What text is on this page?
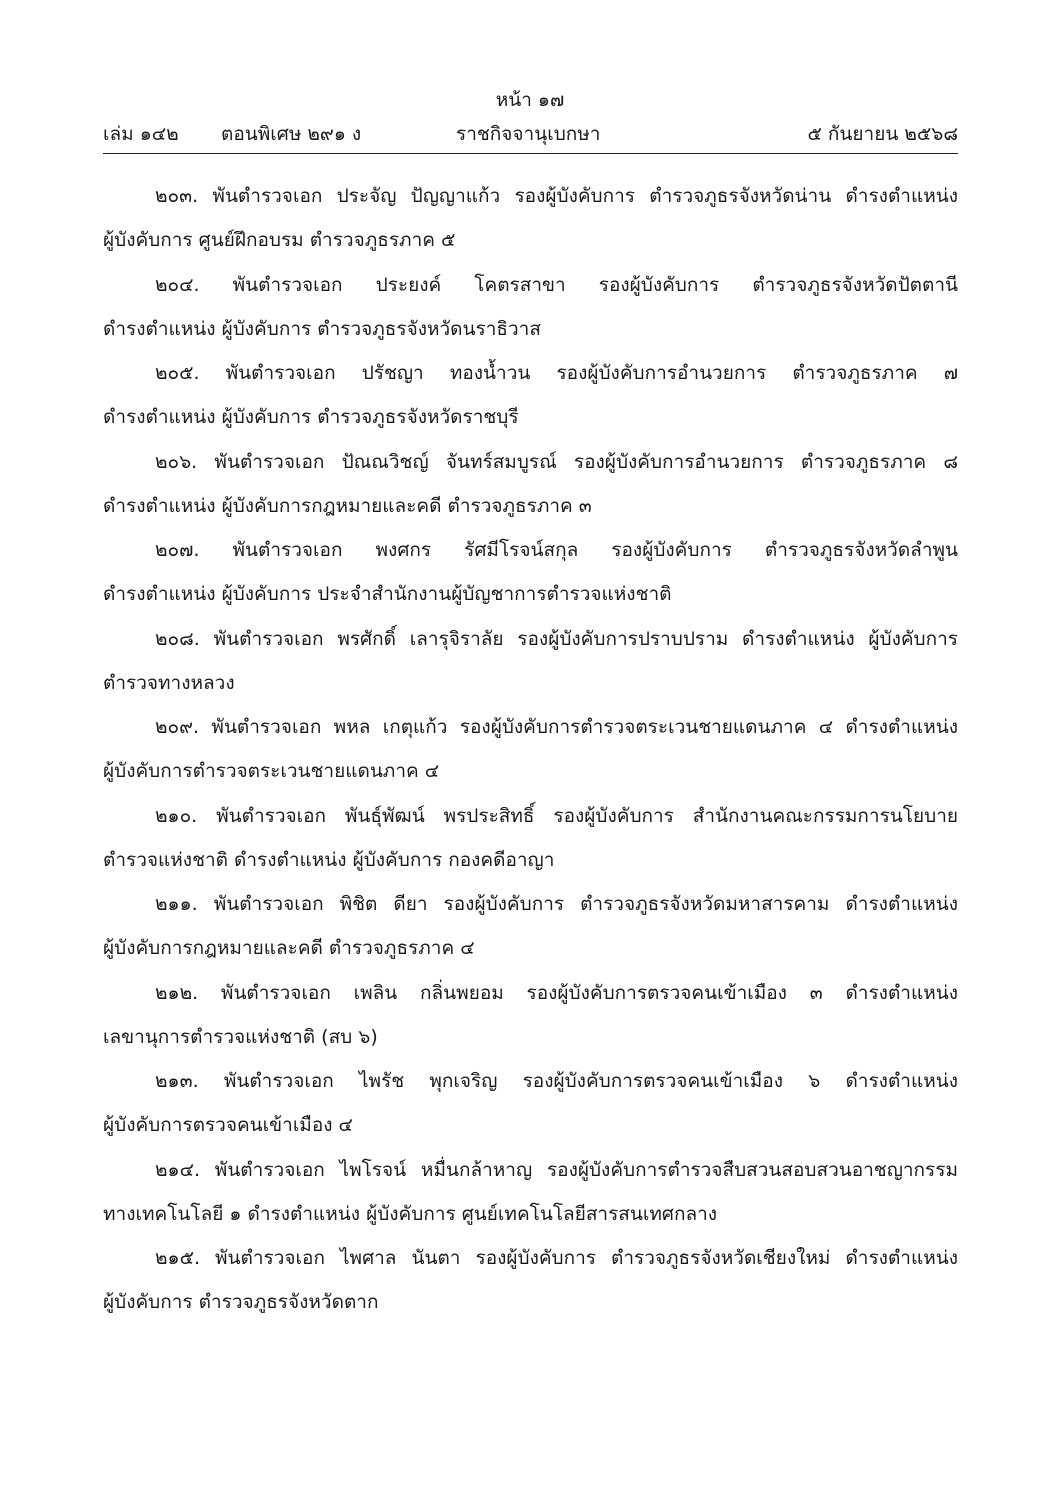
หน้า ๑๗
เล่ม ๑๔๒ ตอนพิเศษ ๒๙๑ ง	ราชกิจจานุเบกษา	๕ กันยายน ๒๕๖๘
๒๐๓. พันตำรวจเอก ประจัญ ปัญญาแก้ว รองผู้บังคับการ ตำรวจภูธรจังหวัดน่าน ดำรงตำแหน่ง
ผู้บังคับการ ศูนย์ฝึกอบรม ตำรวจภูธรภาค ๕
๒๐๔. พันตำรวจเอก ประยงค์ โคตรสาขา รองผู้บังคับการ ตำรวจภูธรจังหวัดปัตตานี
ดำรงตำแหน่ง ผู้บังคับการ ตำรวจภูธรจังหวัดนราธิวาส
๒๐๕. พันตำรวจเอก ปรัชญา ทองน้ำวน รองผู้บังคับการอำนวยการ ตำรวจภูธรภาค ๗
ดำรงตำแหน่ง ผู้บังคับการ ตำรวจภูธรจังหวัดราชบุรี
๒๐๖. พันตำรวจเอก ปัณณวิชญ์ จันทร์สมบูรณ์ รองผู้บังคับการอำนวยการ ตำรวจภูธรภาค ๘
ดำรงตำแหน่ง ผู้บังคับการกฎหมายและคดี ตำรวจภูธรภาค ๓
๒๐๗. พันตำรวจเอก พงศกร รัศมีโรจน์สกุล รองผู้บังคับการ ตำรวจภูธรจังหวัดลำพูน
ดำรงตำแหน่ง ผู้บังคับการ ประจำสำนักงานผู้บัญชาการตำรวจแห่งชาติ
๒๐๘. พันตำรวจเอก พรศักดิ์ เลารุจิราลัย รองผู้บังคับการปราบปราม ดำรงตำแหน่ง ผู้บังคับการ
ตำรวจทางหลวง
๒๐๙. พันตำรวจเอก พหล เกตุแก้ว รองผู้บังคับการตำรวจตระเวนชายแดนภาค ๔ ดำรงตำแหน่ง
ผู้บังคับการตำรวจตระเวนชายแดนภาค ๔
๒๑๐. พันตำรวจเอก พันธุ์พัฒน์ พรประสิทธิ์ รองผู้บังคับการ สำนักงานคณะกรรมการนโยบาย
ตำรวจแห่งชาติ ดำรงตำแหน่ง ผู้บังคับการ กองคดีอาญา
๒๑๑. พันตำรวจเอก พิชิต ดียา รองผู้บังคับการ ตำรวจภูธรจังหวัดมหาสารคาม ดำรงตำแหน่ง
ผู้บังคับการกฎหมายและคดี ตำรวจภูธรภาค ๔
๒๑๒. พันตำรวจเอก เพลิน กลิ่นพยอม รองผู้บังคับการตรวจคนเข้าเมือง ๓ ดำรงตำแหน่ง
เลขานุการตำรวจแห่งชาติ (สบ ๖)
๒๑๓. พันตำรวจเอก ไพรัช พุกเจริญ รองผู้บังคับการตรวจคนเข้าเมือง ๖ ดำรงตำแหน่ง
ผู้บังคับการตรวจคนเข้าเมือง ๔
๒๑๔. พันตำรวจเอก ไพโรจน์ หมื่นกล้าหาญ รองผู้บังคับการตำรวจสืบสวนสอบสวนอาชญากรรม
ทางเทคโนโลยี ๑ ดำรงตำแหน่ง ผู้บังคับการ ศูนย์เทคโนโลยีสารสนเทศกลาง
๒๑๕. พันตำรวจเอก ไพศาล นันตา รองผู้บังคับการ ตำรวจภูธรจังหวัดเชียงใหม่ ดำรงตำแหน่ง
ผู้บังคับการ ตำรวจภูธรจังหวัดตาก
